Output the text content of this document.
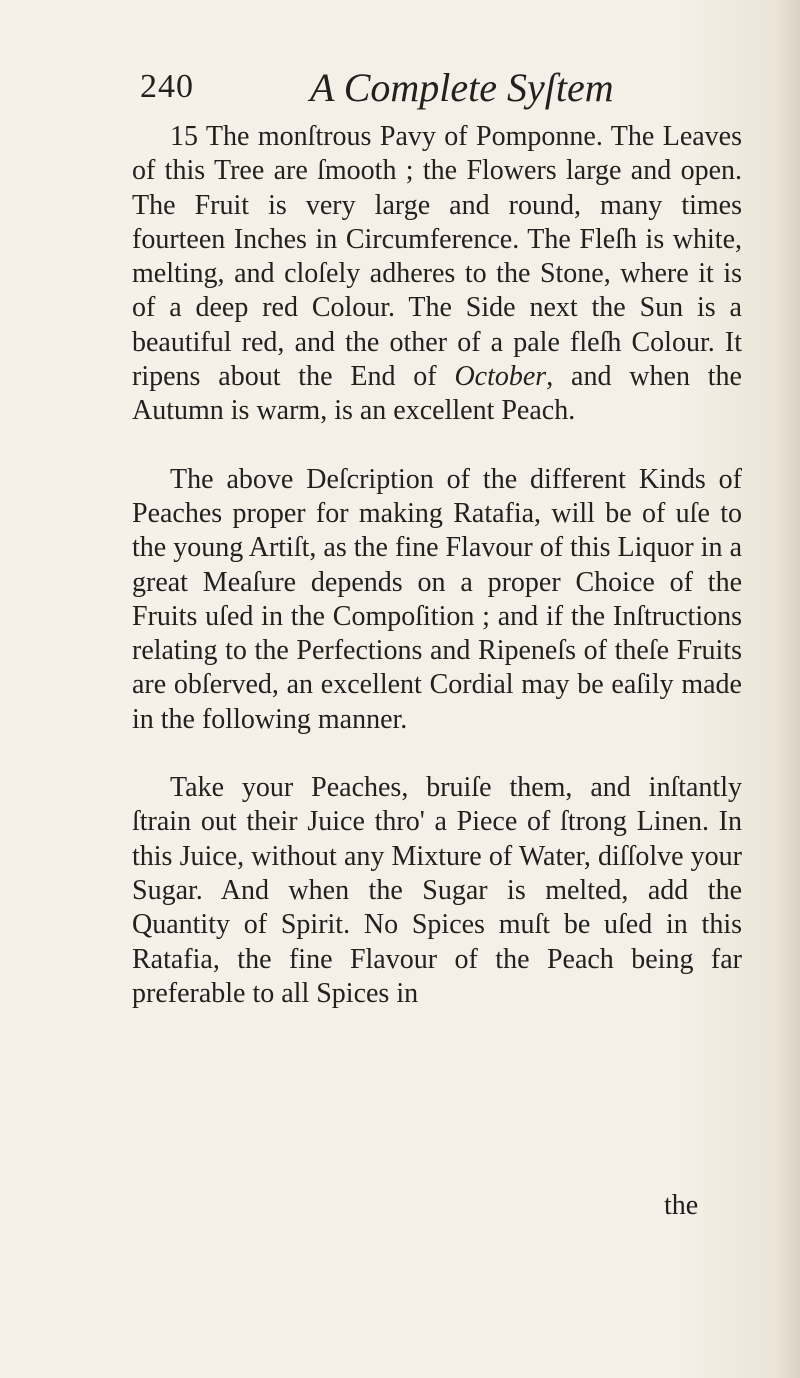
240	A Complete Syſtem

15 The monſtrous Pavy of Pomponne. The Leaves of this Tree are ſmooth ; the Flowers large and open. The Fruit is very large and round, many times fourteen Inches in Circumference. The Fleſh is white, melting, and cloſely adheres to the Stone, where it is of a deep red Colour. The Side next the Sun is a beautiful red, and the other of a pale fleſh Colour. It ripens about the End of October, and when the Autumn is warm, is an excellent Peach.

The above Deſcription of the different Kinds of Peaches proper for making Ratafia, will be of uſe to the young Artiſt, as the fine Flavour of this Liquor in a great Meaſure depends on a proper Choice of the Fruits uſed in the Compoſition ; and if the Inſtructions relating to the Perfections and Ripeneſs of theſe Fruits are obſerved, an excellent Cordial may be eaſily made in the following manner.

Take your Peaches, bruiſe them, and inſtantly ſtrain out their Juice thro' a Piece of ſtrong Linen. In this Juice, without any Mixture of Water, diſſolve your Sugar. And when the Sugar is melted, add the Quantity of Spirit. No Spices muſt be uſed in this Ratafia, the fine Flavour of the Peach being far preferable to all Spices in

the
